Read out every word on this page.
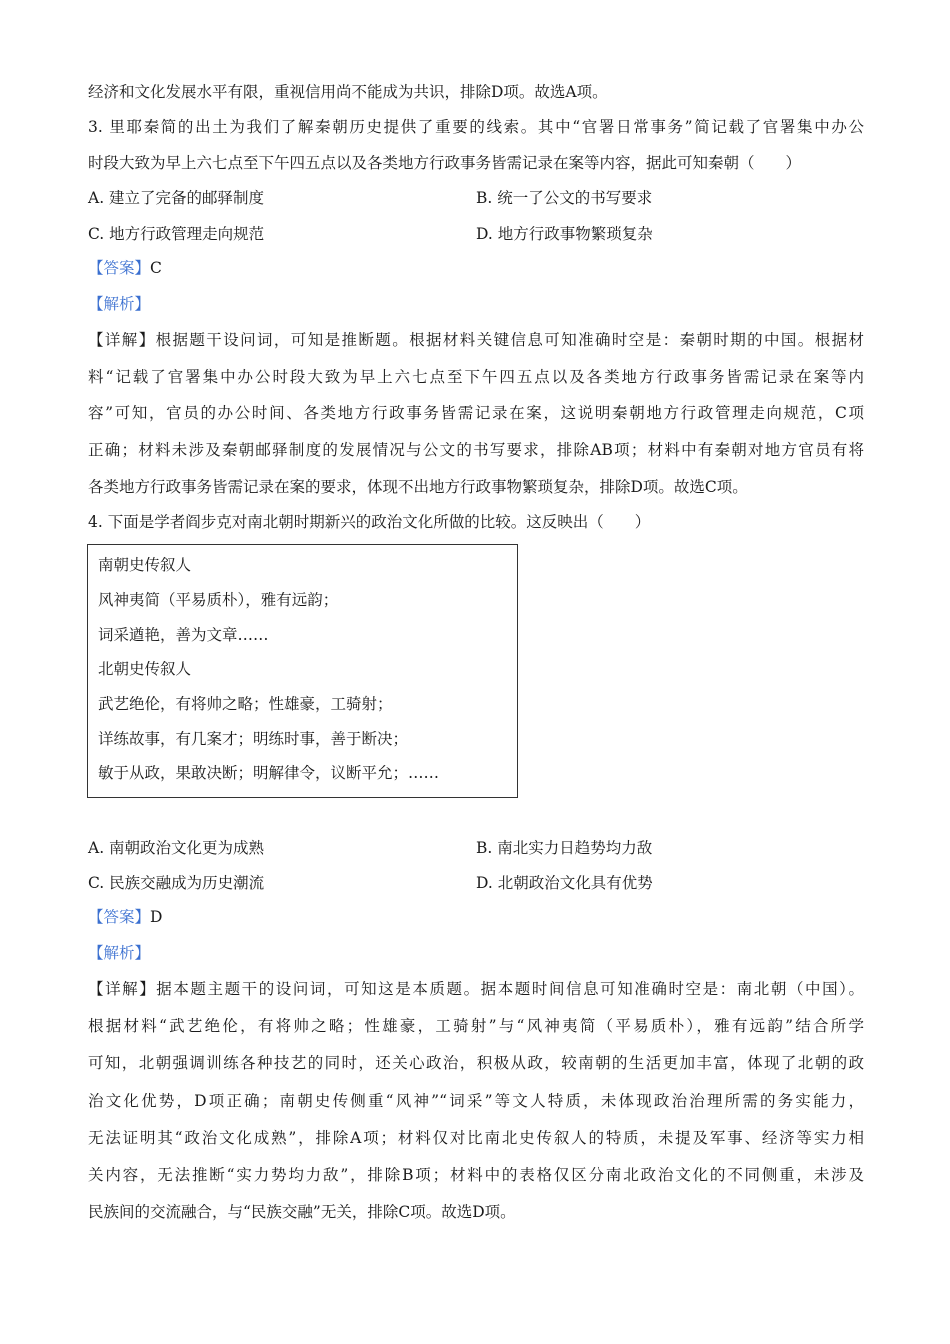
经济和文化发展水平有限，重视信用尚不能成为共识，排除D项。故选A项。
3. 里耶秦简的出土为我们了解秦朝历史提供了重要的线索。其中“官署日常事务”简记载了官署集中办公
时段大致为早上六七点至下午四五点以及各类地方行政事务皆需记录在案等内容，据此可知秦朝（　　）
A. 建立了完备的邮驿制度	B. 统一了公文的书写要求
C. 地方行政管理走向规范	D. 地方行政事物繁琐复杂
【答案】C
【解析】
【详解】根据题干设问词，可知是推断题。根据材料关键信息可知准确时空是：秦朝时期的中国。根据材
料“记载了官署集中办公时段大致为早上六七点至下午四五点以及各类地方行政事务皆需记录在案等内
容”可知，官员的办公时间、各类地方行政事务皆需记录在案，这说明秦朝地方行政管理走向规范，C项
正确；材料未涉及秦朝邮驿制度的发展情况与公文的书写要求，排除AB项；材料中有秦朝对地方官员有将
各类地方行政事务皆需记录在案的要求，体现不出地方行政事物繁琐复杂，排除D项。故选C项。
4. 下面是学者阎步克对南北朝时期新兴的政治文化所做的比较。这反映出（　　）
南朝史传叙人
风神夷简（平易质朴），雅有远韵；
词采遒艳，善为文章……
北朝史传叙人
武艺绝伦，有将帅之略；性雄豪，工骑射；
详练故事，有几案才；明练时事，善于断决；
敏于从政，果敢决断；明解律令，议断平允；……
A. 南朝政治文化更为成熟	B. 南北实力日趋势均力敌
C. 民族交融成为历史潮流	D. 北朝政治文化具有优势
【答案】D
【解析】
【详解】据本题主题干的设问词，可知这是本质题。据本题时间信息可知准确时空是：南北朝（中国）。
根据材料“武艺绝伦，有将帅之略；性雄豪，工骑射”与“风神夷简（平易质朴），雅有远韵”结合所学
可知，北朝强调训练各种技艺的同时，还关心政治，积极从政，较南朝的生活更加丰富，体现了北朝的政
治文化优势，D项正确；南朝史传侧重“风神”“词采”等文人特质，未体现政治治理所需的务实能力，
无法证明其“政治文化成熟”，排除A项；材料仅对比南北史传叙人的特质，未提及军事、经济等实力相
关内容，无法推断“实力势均力敌”，排除B项；材料中的表格仅区分南北政治文化的不同侧重，未涉及
民族间的交流融合，与“民族交融”无关，排除C项。故选D项。
